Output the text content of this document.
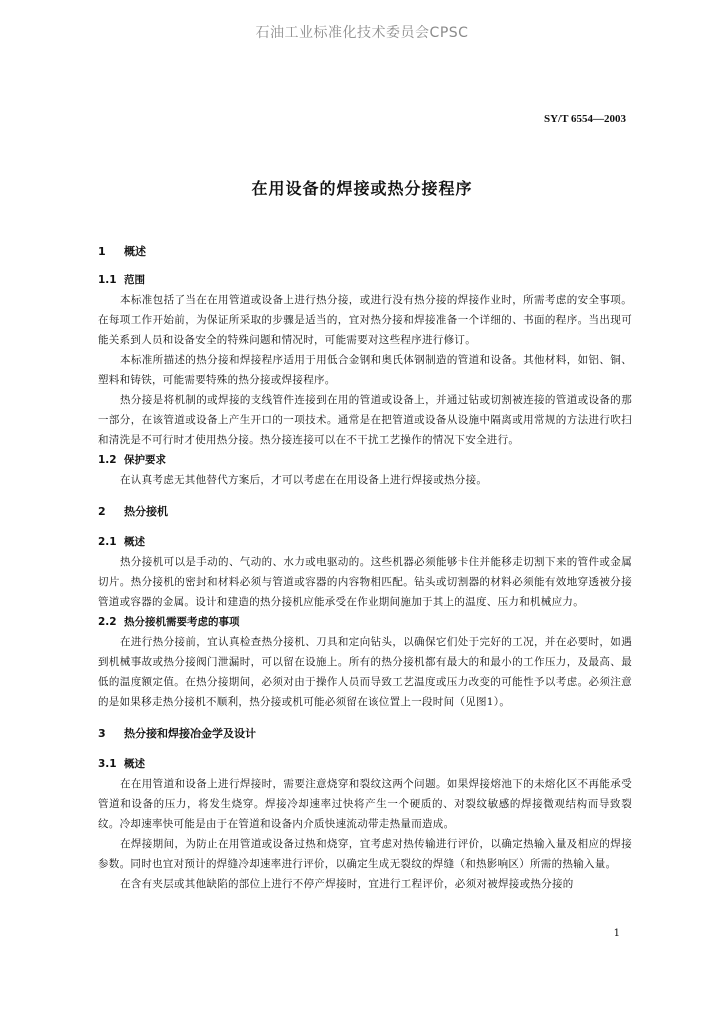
石油工业标准化技术委员会CPSC
SY/T 6554—2003
在用设备的焊接或热分接程序
1 概述
1.1 范围

本标准包括了当在在用管道或设备上进行热分接，或进行没有热分接的焊接作业时，所需考虑的安全事项。在每项工作开始前，为保证所采取的步骤是适当的，宜对热分接和焊接准备一个详细的、书面的程序。当出现可能关系到人员和设备安全的特殊问题和情况时，可能需要对这些程序进行修订。

本标准所描述的热分接和焊接程序适用于用低合金钢和奥氏体钢制造的管道和设备。其他材料，如铝、铜、塑料和铸铁，可能需要特殊的热分接或焊接程序。

热分接是将机制的或焊接的支线管件连接到在用的管道或设备上，并通过钻或切割被连接的管道或设备的那一部分，在该管道或设备上产生开口的一项技术。通常是在把管道或设备从设施中隔离或用常规的方法进行吹扫和清洗是不可行时才使用热分接。热分接连接可以在不干扰工艺操作的情况下安全进行。

1.2 保护要求

在认真考虑无其他替代方案后，才可以考虑在在用设备上进行焊接或热分接。

2 热分接机
2.1 概述

热分接机可以是手动的、气动的、水力或电驱动的。这些机器必须能够卡住并能移走切割下来的管件或金属切片。热分接机的密封和材料必须与管道或容器的内容物相匹配。钻头或切割器的材料必须能有效地穿透被分接管道或容器的金属。设计和建造的热分接机应能承受在作业期间施加于其上的温度、压力和机械应力。

2.2 热分接机需要考虑的事项

在进行热分接前，宜认真检查热分接机、刀具和定向钻头，以确保它们处于完好的工况，并在必要时，如遇到机械事故或热分接阀门泄漏时，可以留在设施上。所有的热分接机都有最大的和最小的工作压力，及最高、最低的温度额定值。在热分接期间，必须对由于操作人员而导致工艺温度或压力改变的可能性予以考虑。必须注意的是如果移走热分接机不顺利，热分接或机可能必须留在该位置上一段时间（见图1）。

3 热分接和焊接冶金学及设计
3.1 概述

在在用管道和设备上进行焊接时，需要注意烧穿和裂纹这两个问题。如果焊接熔池下的未熔化区不再能承受管道和设备的压力，将发生烧穿。焊接冷却速率过快将产生一个硬质的、对裂纹敏感的焊接微观结构而导致裂纹。冷却速率快可能是由于在管道和设备内介质快速流动带走热量而造成。

在焊接期间，为防止在用管道或设备过热和烧穿，宜考虑对热传输进行评价，以确定热输入量及相应的焊接参数。同时也宜对预计的焊缝冷却速率进行评价，以确定生成无裂纹的焊缝（和热影响区）所需的热输入量。

在含有夹层或其他缺陷的部位上进行不停产焊接时，宜进行工程评价，必须对被焊接或热分接的

1
